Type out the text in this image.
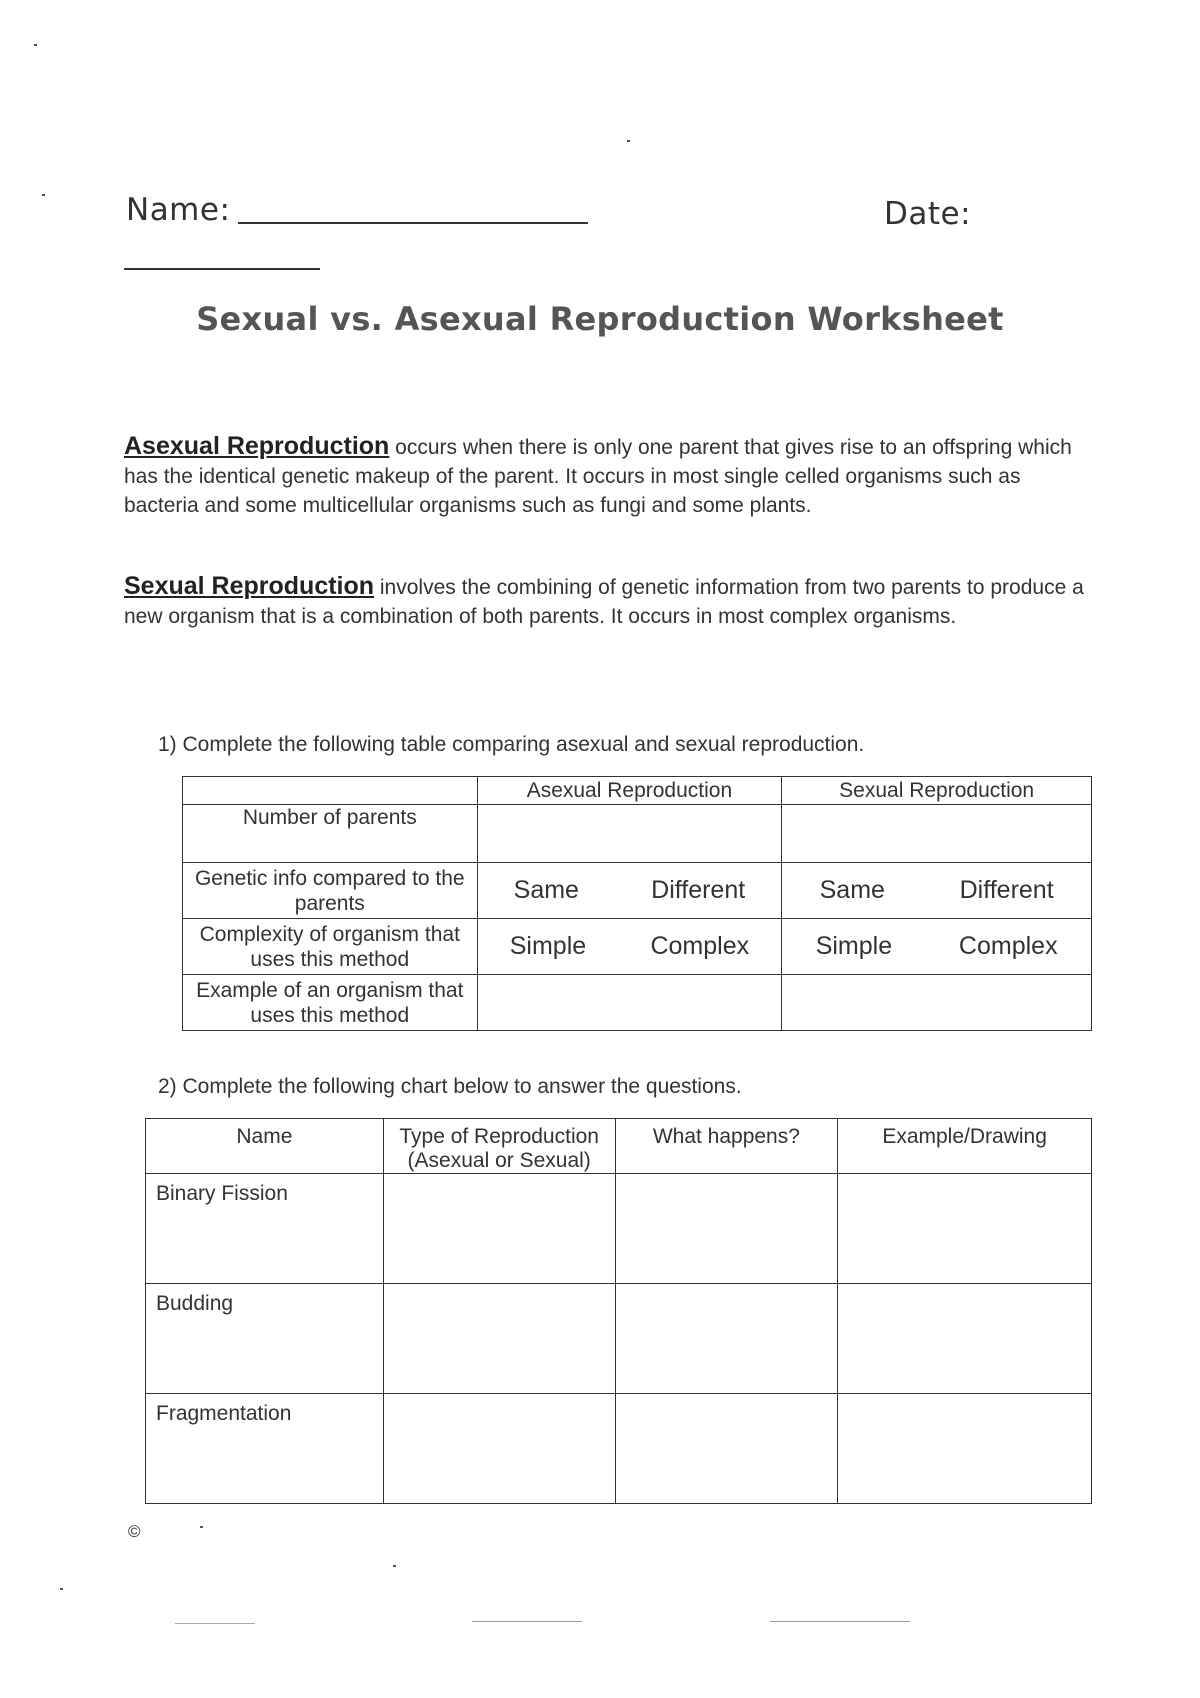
Name:	Date:
Sexual vs. Asexual Reproduction Worksheet
Asexual Reproduction occurs when there is only one parent that gives rise to an offspring which has the identical genetic makeup of the parent. It occurs in most single celled organisms such as bacteria and some multicellular organisms such as fungi and some plants.
Sexual Reproduction involves the combining of genetic information from two parents to produce a new organism that is a combination of both parents. It occurs in most complex organisms.
1) Complete the following table comparing asexual and sexual reproduction.
	Asexual Reproduction	Sexual Reproduction
Number of parents		
Genetic info compared to the parents	Same Different	Same Different

Complexity of organism that uses this method	Simple Complex	Simple Complex

Example of an organism that uses this method		
2) Complete the following chart below to answer the questions.
Name	Type of Reproduction (Asexual or Sexual)	What happens?	Example/Drawing
Binary Fission			
Budding			
Fragmentation			
©
